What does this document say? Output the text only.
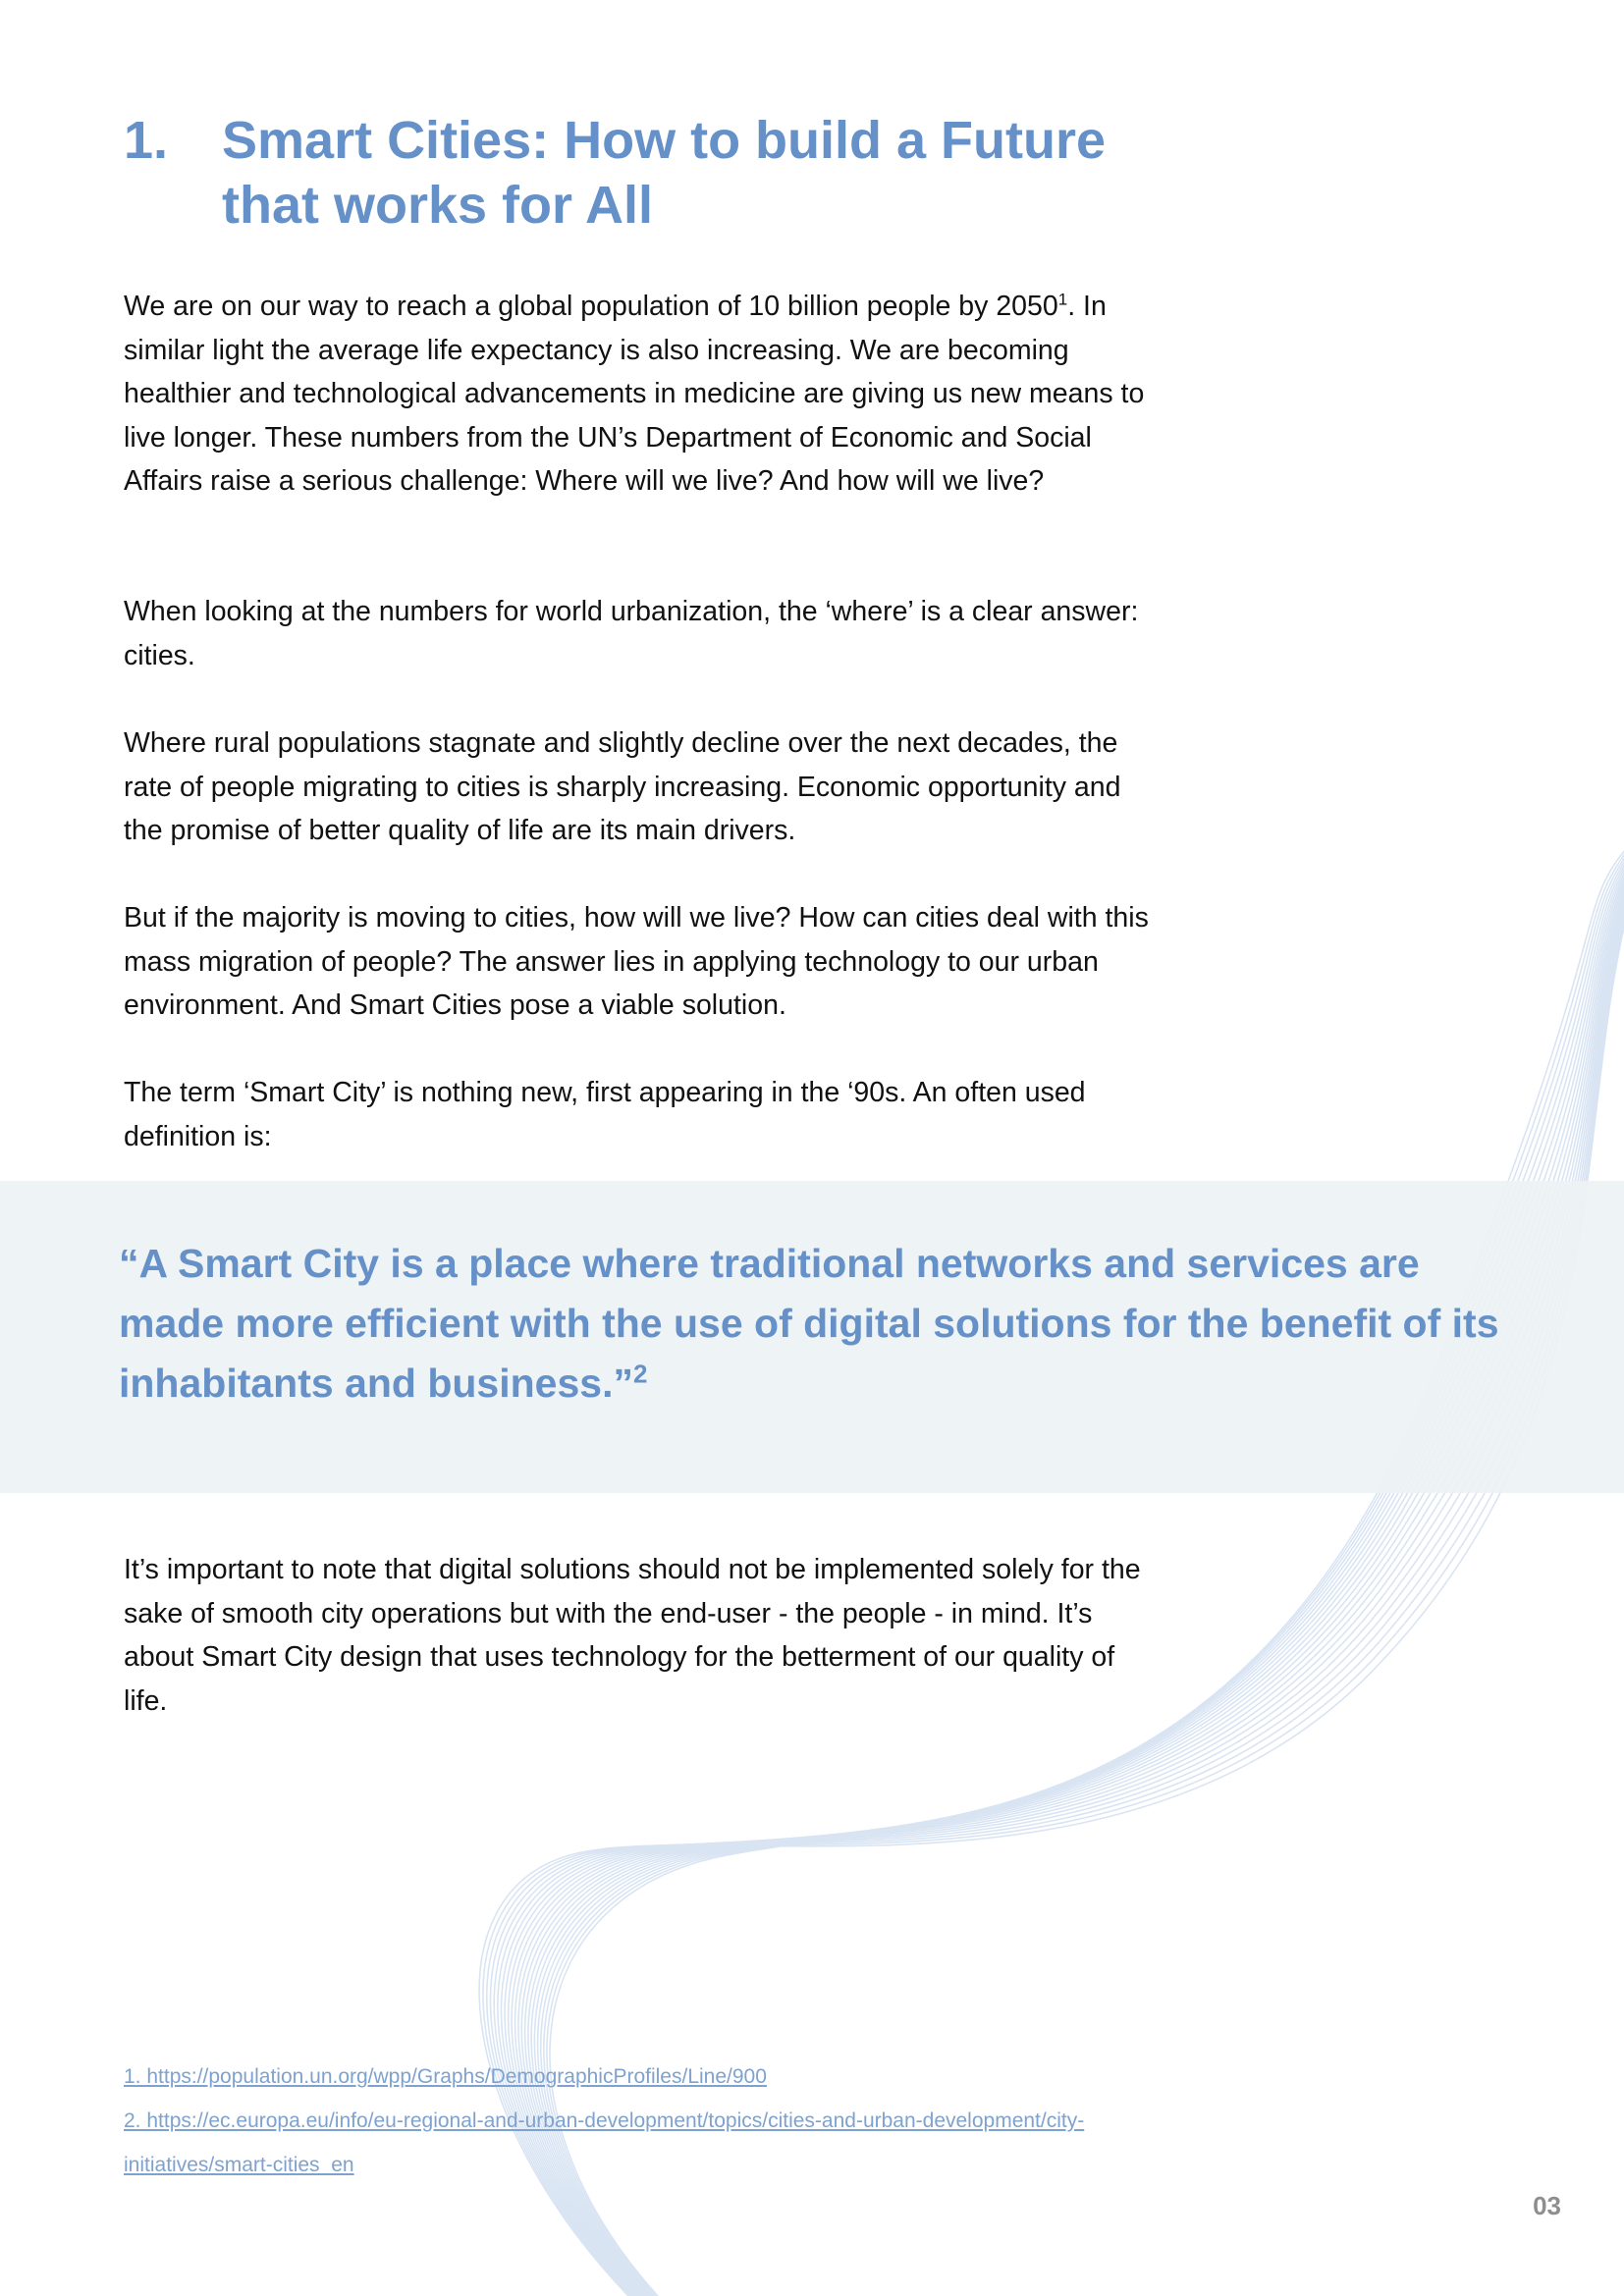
1. Smart Cities: How to build a Future that works for All

We are on our way to reach a global population of 10 billion people by 2050$^1$. In similar light the average life expectancy is also increasing. We are becoming healthier and technological advancements in medicine are giving us new means to live longer. These numbers from the UN’s Department of Economic and Social Affairs raise a serious challenge: Where will we live? And how will we live?

When looking at the numbers for world urbanization, the ‘where’ is a clear answer: cities.

Where rural populations stagnate and slightly decline over the next decades, the rate of people migrating to cities is sharply increasing. Economic opportunity and the promise of better quality of life are its main drivers.

But if the majority is moving to cities, how will we live? How can cities deal with this mass migration of people? The answer lies in applying technology to our urban environment. And Smart Cities pose a viable solution.

The term ‘Smart City’ is nothing new, first appearing in the ‘90s. An often used definition is:

“A Smart City is a place where traditional networks and services are made more efficient with the use of digital solutions for the benefit of its inhabitants and business.”$^2$

It’s important to note that digital solutions should not be implemented solely for the sake of smooth city operations but with the end-user - the people - in mind. It’s about Smart City design that uses technology for the betterment of our quality of life.

1. https://population.un.org/wpp/Graphs/DemographicProfiles/Line/900
2. https://ec.europa.eu/info/eu-regional-and-urban-development/topics/cities-and-urban-development/city-initiatives/smart-cities_en
03
